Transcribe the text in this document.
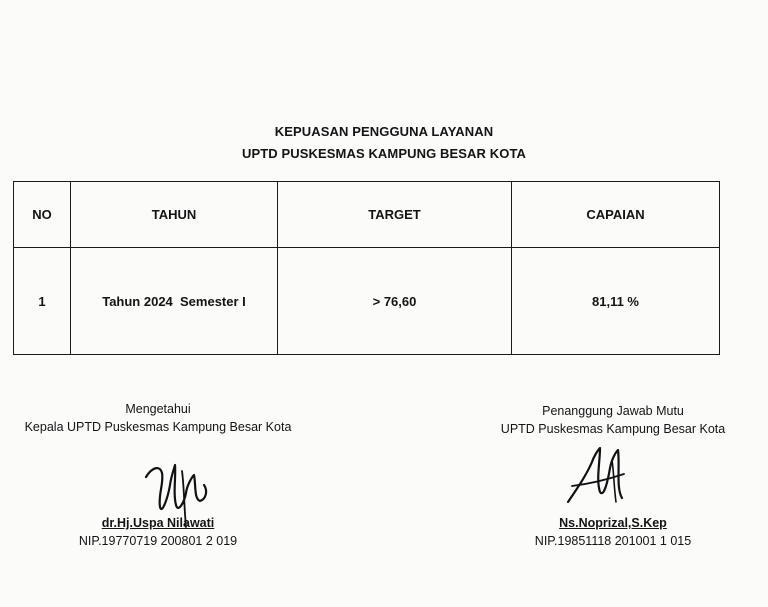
KEPUASAN PENGGUNA LAYANAN
UPTD PUSKESMAS KAMPUNG BESAR KOTA
NO	TAHUN	TARGET	CAPAIAN
1	Tahun 2024  Semester I	> 76,60	81,11 %
Mengetahui
Kepala UPTD Puskesmas Kampung Besar Kota
dr.Hj.Uspa Nilawati
NIP.19770719 200801 2 019
Penanggung Jawab Mutu
UPTD Puskesmas Kampung Besar Kota
Ns.Noprizal,S.Kep
NIP.19851118 201001 1 015
